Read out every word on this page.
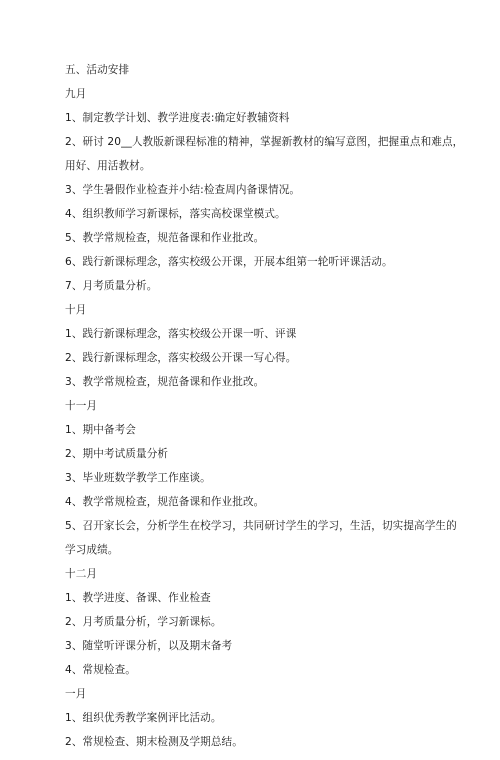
五、活动安排
九月
1、制定教学计划、教学进度表:确定好教辅资料
2、研讨 20__人教版新课程标准的精神，掌握新教材的编写意图，把握重点和难点，
用好、用活教材。
3、学生暑假作业检查并小结:检查周内备课情况。
4、组织教师学习新课标，落实高校课堂模式。
5、教学常规检查，规范备课和作业批改。
6、践行新课标理念，落实校级公开课，开展本组第一轮听评课活动。
7、月考质量分析。
十月
1、践行新课标理念，落实校级公开课一听、评课
2、践行新课标理念，落实校级公开课一写心得。
3、教学常规检查，规范备课和作业批改。
十一月
1、期中备考会
2、期中考试质量分析
3、毕业班数学教学工作座谈。
4、教学常规检查，规范备课和作业批改。
5、召开家长会，分析学生在校学习，共同研讨学生的学习，生活，切实提高学生的
学习成绩。
十二月
1、教学进度、备课、作业检查
2、月考质量分析，学习新课标。
3、随堂听评课分析，以及期末备考
4、常规检查。
一月
1、组织优秀教学案例评比活动。
2、常规检查、期末检测及学期总结。
